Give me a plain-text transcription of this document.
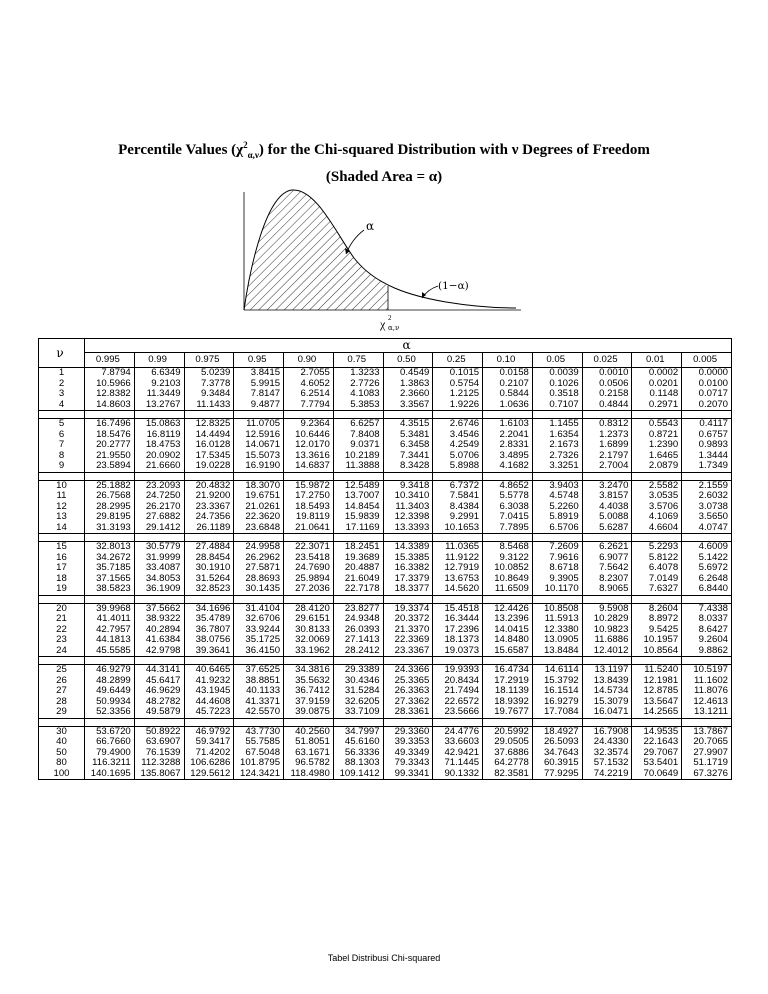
Percentile Values $(\chi^2_{\alpha,\nu})$ for the Chi-squared Distribution with ν Degrees of Freedom
(Shaded Area = α)
α
(1−α)
χ 2
α,ν
ν	α												
	0.995	0.99	0.975	0.95	0.90	0.75	0.50	0.25	0.10	0.05	0.025	0.01	0.005
1	7.8794	6.6349	5.0239	3.8415	2.7055	1.3233	0.4549	0.1015	0.0158	0.0039	0.0010	0.0002	0.0000
2	10.5966	9.2103	7.3778	5.9915	4.6052	2.7726	1.3863	0.5754	0.2107	0.1026	0.0506	0.0201	0.0100
3	12.8382	11.3449	9.3484	7.8147	6.2514	4.1083	2.3660	1.2125	0.5844	0.3518	0.2158	0.1148	0.0717
4	14.8603	13.2767	11.1433	9.4877	7.7794	5.3853	3.3567	1.9226	1.0636	0.7107	0.4844	0.2971	0.2070

5	16.7496	15.0863	12.8325	11.0705	9.2364	6.6257	4.3515	2.6746	1.6103	1.1455	0.8312	0.5543	0.4117
6	18.5476	16.8119	14.4494	12.5916	10.6446	7.8408	5.3481	3.4546	2.2041	1.6354	1.2373	0.8721	0.6757
7	20.2777	18.4753	16.0128	14.0671	12.0170	9.0371	6.3458	4.2549	2.8331	2.1673	1.6899	1.2390	0.9893
8	21.9550	20.0902	17.5345	15.5073	13.3616	10.2189	7.3441	5.0706	3.4895	2.7326	2.1797	1.6465	1.3444
9	23.5894	21.6660	19.0228	16.9190	14.6837	11.3888	8.3428	5.8988	4.1682	3.3251	2.7004	2.0879	1.7349

10	25.1882	23.2093	20.4832	18.3070	15.9872	12.5489	9.3418	6.7372	4.8652	3.9403	3.2470	2.5582	2.1559
11	26.7568	24.7250	21.9200	19.6751	17.2750	13.7007	10.3410	7.5841	5.5778	4.5748	3.8157	3.0535	2.6032
12	28.2995	26.2170	23.3367	21.0261	18.5493	14.8454	11.3403	8.4384	6.3038	5.2260	4.4038	3.5706	3.0738
13	29.8195	27.6882	24.7356	22.3620	19.8119	15.9839	12.3398	9.2991	7.0415	5.8919	5.0088	4.1069	3.5650
14	31.3193	29.1412	26.1189	23.6848	21.0641	17.1169	13.3393	10.1653	7.7895	6.5706	5.6287	4.6604	4.0747

15	32.8013	30.5779	27.4884	24.9958	22.3071	18.2451	14.3389	11.0365	8.5468	7.2609	6.2621	5.2293	4.6009
16	34.2672	31.9999	28.8454	26.2962	23.5418	19.3689	15.3385	11.9122	9.3122	7.9616	6.9077	5.8122	5.1422
17	35.7185	33.4087	30.1910	27.5871	24.7690	20.4887	16.3382	12.7919	10.0852	8.6718	7.5642	6.4078	5.6972
18	37.1565	34.8053	31.5264	28.8693	25.9894	21.6049	17.3379	13.6753	10.8649	9.3905	8.2307	7.0149	6.2648
19	38.5823	36.1909	32.8523	30.1435	27.2036	22.7178	18.3377	14.5620	11.6509	10.1170	8.9065	7.6327	6.8440

20	39.9968	37.5662	34.1696	31.4104	28.4120	23.8277	19.3374	15.4518	12.4426	10.8508	9.5908	8.2604	7.4338
21	41.4011	38.9322	35.4789	32.6706	29.6151	24.9348	20.3372	16.3444	13.2396	11.5913	10.2829	8.8972	8.0337
22	42.7957	40.2894	36.7807	33.9244	30.8133	26.0393	21.3370	17.2396	14.0415	12.3380	10.9823	9.5425	8.6427
23	44.1813	41.6384	38.0756	35.1725	32.0069	27.1413	22.3369	18.1373	14.8480	13.0905	11.6886	10.1957	9.2604
24	45.5585	42.9798	39.3641	36.4150	33.1962	28.2412	23.3367	19.0373	15.6587	13.8484	12.4012	10.8564	9.8862

25	46.9279	44.3141	40.6465	37.6525	34.3816	29.3389	24.3366	19.9393	16.4734	14.6114	13.1197	11.5240	10.5197
26	48.2899	45.6417	41.9232	38.8851	35.5632	30.4346	25.3365	20.8434	17.2919	15.3792	13.8439	12.1981	11.1602
27	49.6449	46.9629	43.1945	40.1133	36.7412	31.5284	26.3363	21.7494	18.1139	16.1514	14.5734	12.8785	11.8076
28	50.9934	48.2782	44.4608	41.3371	37.9159	32.6205	27.3362	22.6572	18.9392	16.9279	15.3079	13.5647	12.4613
29	52.3356	49.5879	45.7223	42.5570	39.0875	33.7109	28.3361	23.5666	19.7677	17.7084	16.0471	14.2565	13.1211

30	53.6720	50.8922	46.9792	43.7730	40.2560	34.7997	29.3360	24.4776	20.5992	18.4927	16.7908	14.9535	13.7867
40	66.7660	63.6907	59.3417	55.7585	51.8051	45.6160	39.3353	33.6603	29.0505	26.5093	24.4330	22.1643	20.7065
50	79.4900	76.1539	71.4202	67.5048	63.1671	56.3336	49.3349	42.9421	37.6886	34.7643	32.3574	29.7067	27.9907
80	116.3211	112.3288	106.6286	101.8795	96.5782	88.1303	79.3343	71.1445	64.2778	60.3915	57.1532	53.5401	51.1719
100	140.1695	135.8067	129.5612	124.3421	118.4980	109.1412	99.3341	90.1332	82.3581	77.9295	74.2219	70.0649	67.3276
Tabel Distribusi Chi-squared
